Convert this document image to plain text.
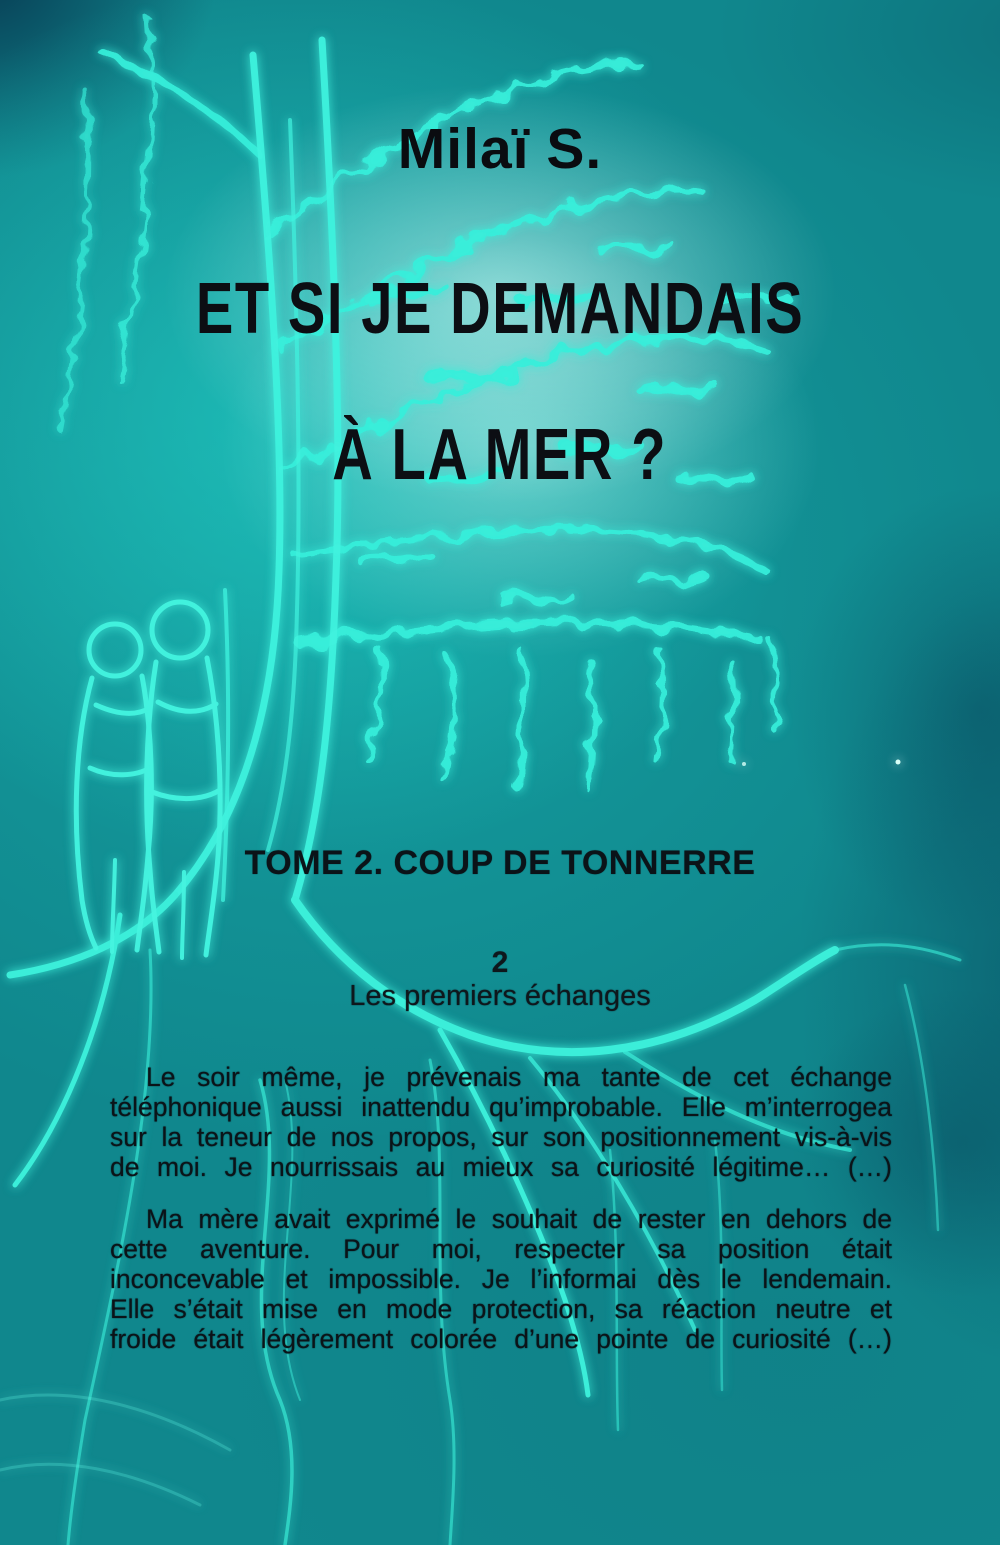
Milaï S.
ET SI JE DEMANDAIS
À LA MER ?
TOME 2. COUP DE TONNERRE
2
Les premiers échanges
Le soir même, je prévenais ma tante de cet échange
téléphonique aussi inattendu qu’improbable. Elle m’interrogea
sur la teneur de nos propos, sur son positionnement vis-à-vis
de moi. Je nourrissais au mieux sa curiosité légitime… (…)
Ma mère avait exprimé le souhait de rester en dehors de
cette aventure. Pour moi, respecter sa position était
inconcevable et impossible. Je l’informai dès le lendemain.
Elle s’était mise en mode protection, sa réaction neutre et
froide était légèrement colorée d’une pointe de curiosité (…)
